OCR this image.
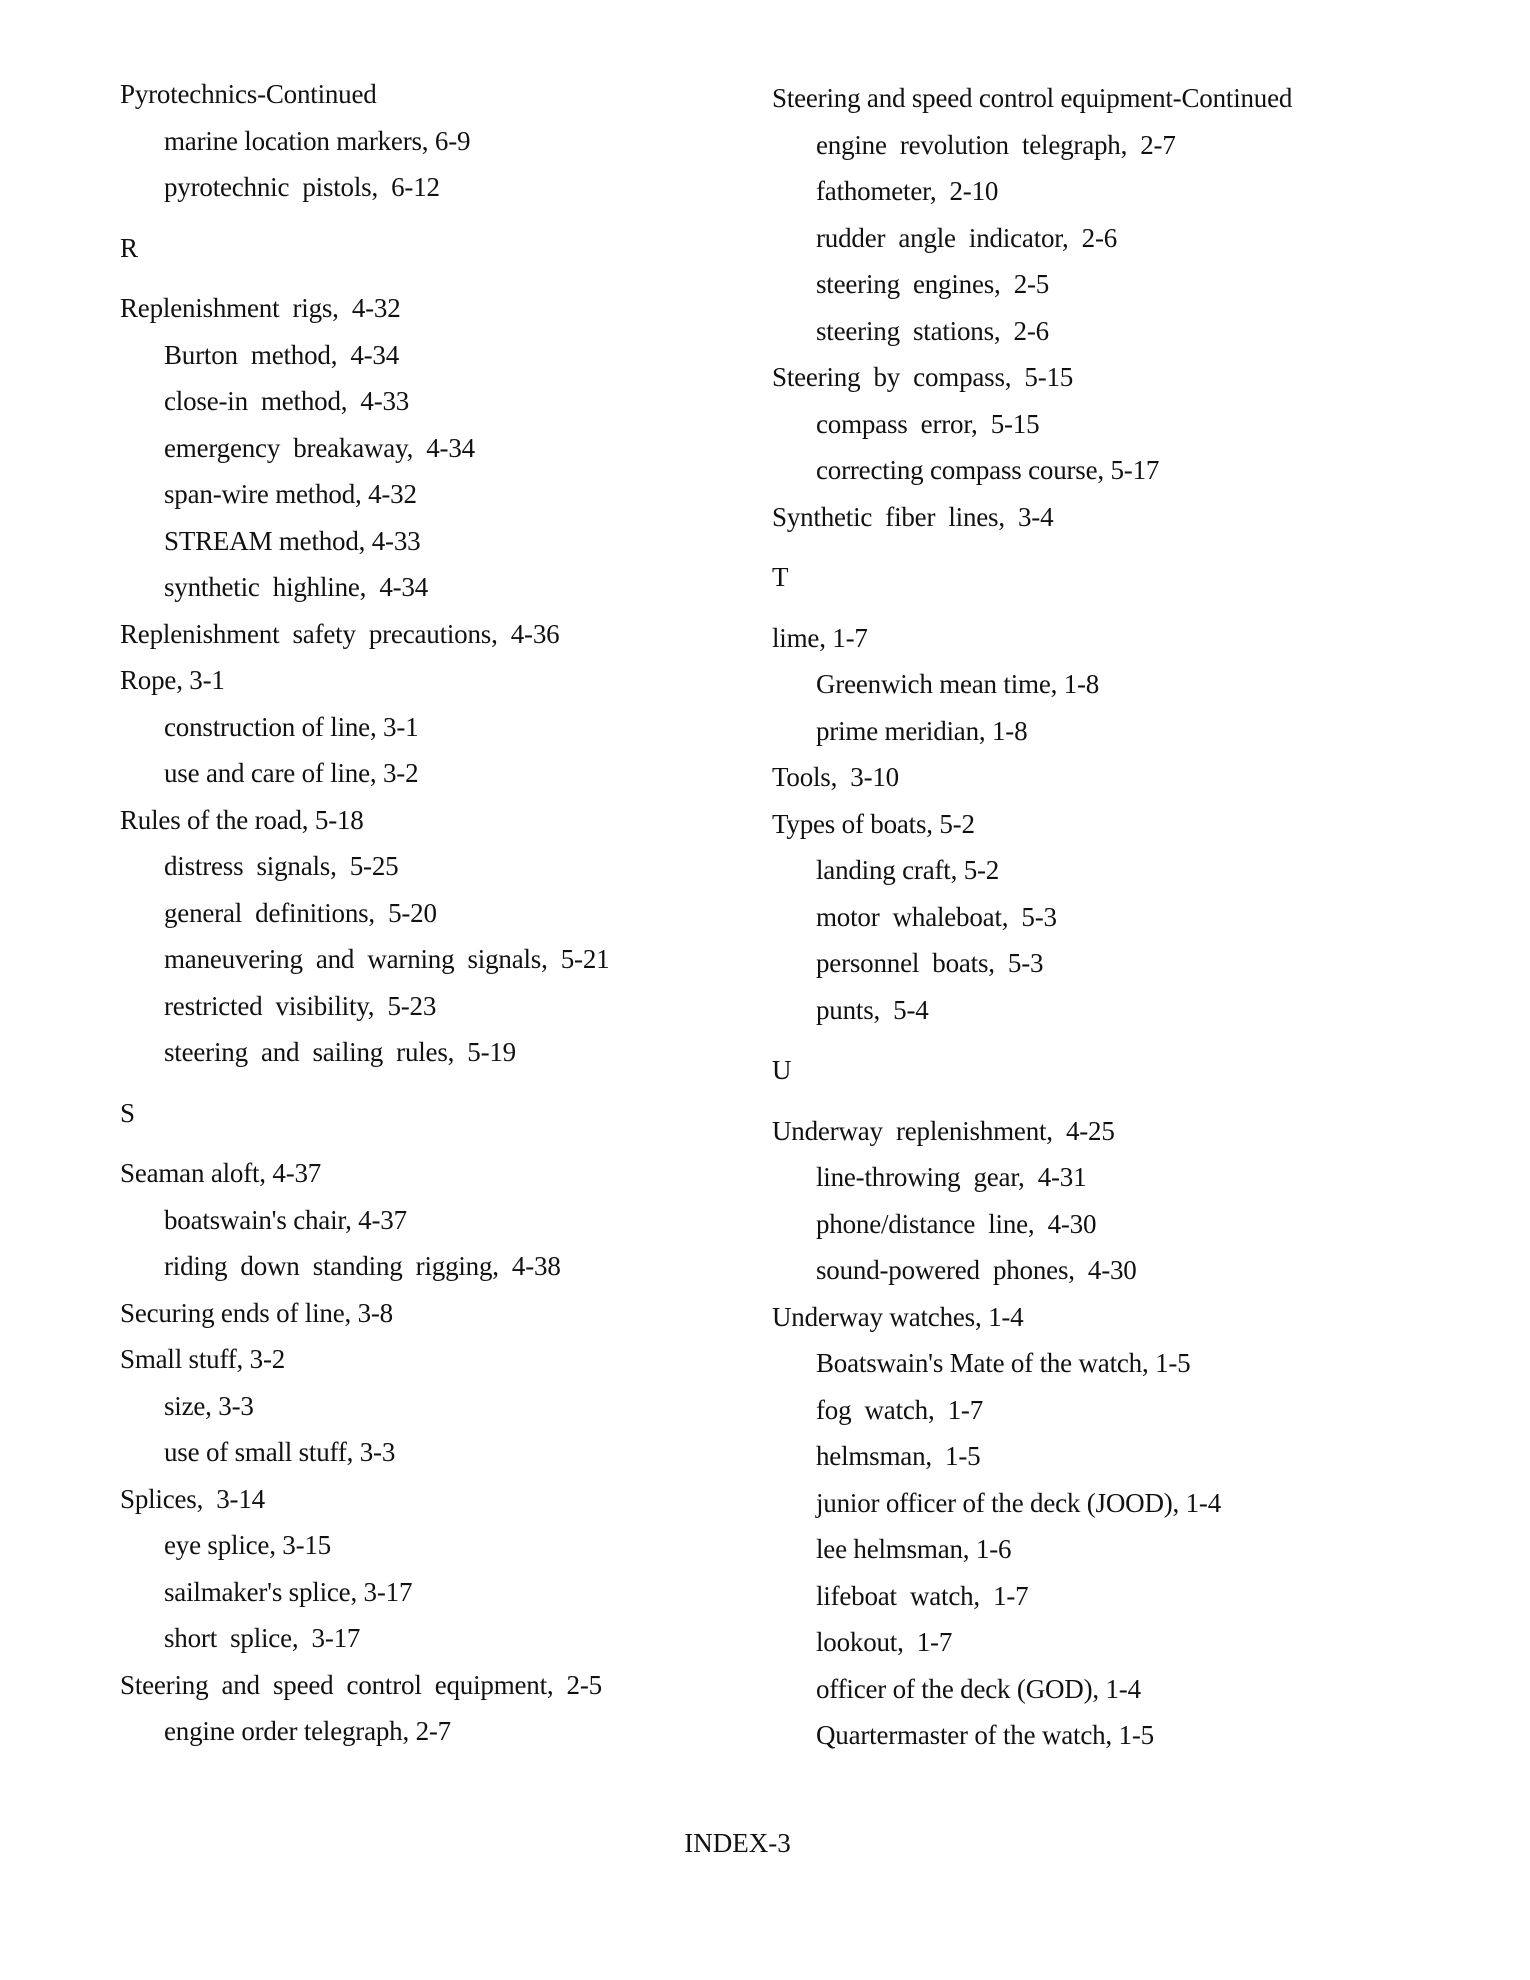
Pyrotechnics-Continued
marine location markers, 6-9
pyrotechnic  pistols,  6-12
R
Replenishment  rigs,  4-32
Burton  method,  4-34
close-in  method,  4-33
emergency  breakaway,  4-34
span-wire method, 4-32
STREAM method, 4-33
synthetic  highline,  4-34
Replenishment  safety  precautions,  4-36
Rope, 3-1
construction of line, 3-1
use and care of line, 3-2
Rules of the road, 5-18
distress  signals,  5-25
general  definitions,  5-20
maneuvering  and  warning  signals,  5-21
restricted  visibility,  5-23
steering  and  sailing  rules,  5-19
S
Seaman aloft, 4-37
boatswain's chair, 4-37
riding  down  standing  rigging,  4-38
Securing ends of line, 3-8
Small stuff, 3-2
size, 3-3
use of small stuff, 3-3
Splices,  3-14
eye splice, 3-15
sailmaker's splice, 3-17
short  splice,  3-17
Steering  and  speed  control  equipment,  2-5
engine order telegraph, 2-7
Steering and speed control equipment-Continued
engine  revolution  telegraph,  2-7
fathometer,  2-10
rudder  angle  indicator,  2-6
steering  engines,  2-5
steering  stations,  2-6
Steering  by  compass,  5-15
compass  error,  5-15
correcting compass course, 5-17
Synthetic  fiber  lines,  3-4
T
lime, 1-7
Greenwich mean time, 1-8
prime meridian, 1-8
Tools,  3-10
Types of boats, 5-2
landing craft, 5-2
motor  whaleboat,  5-3
personnel  boats,  5-3
punts,  5-4
U
Underway  replenishment,  4-25
line-throwing  gear,  4-31
phone/distance  line,  4-30
sound-powered  phones,  4-30
Underway watches, 1-4
Boatswain's Mate of the watch, 1-5
fog  watch,  1-7
helmsman,  1-5
junior officer of the deck (JOOD), 1-4
lee helmsman, 1-6
lifeboat  watch,  1-7
lookout,  1-7
officer of the deck (GOD), 1-4
Quartermaster of the watch, 1-5
INDEX-3
